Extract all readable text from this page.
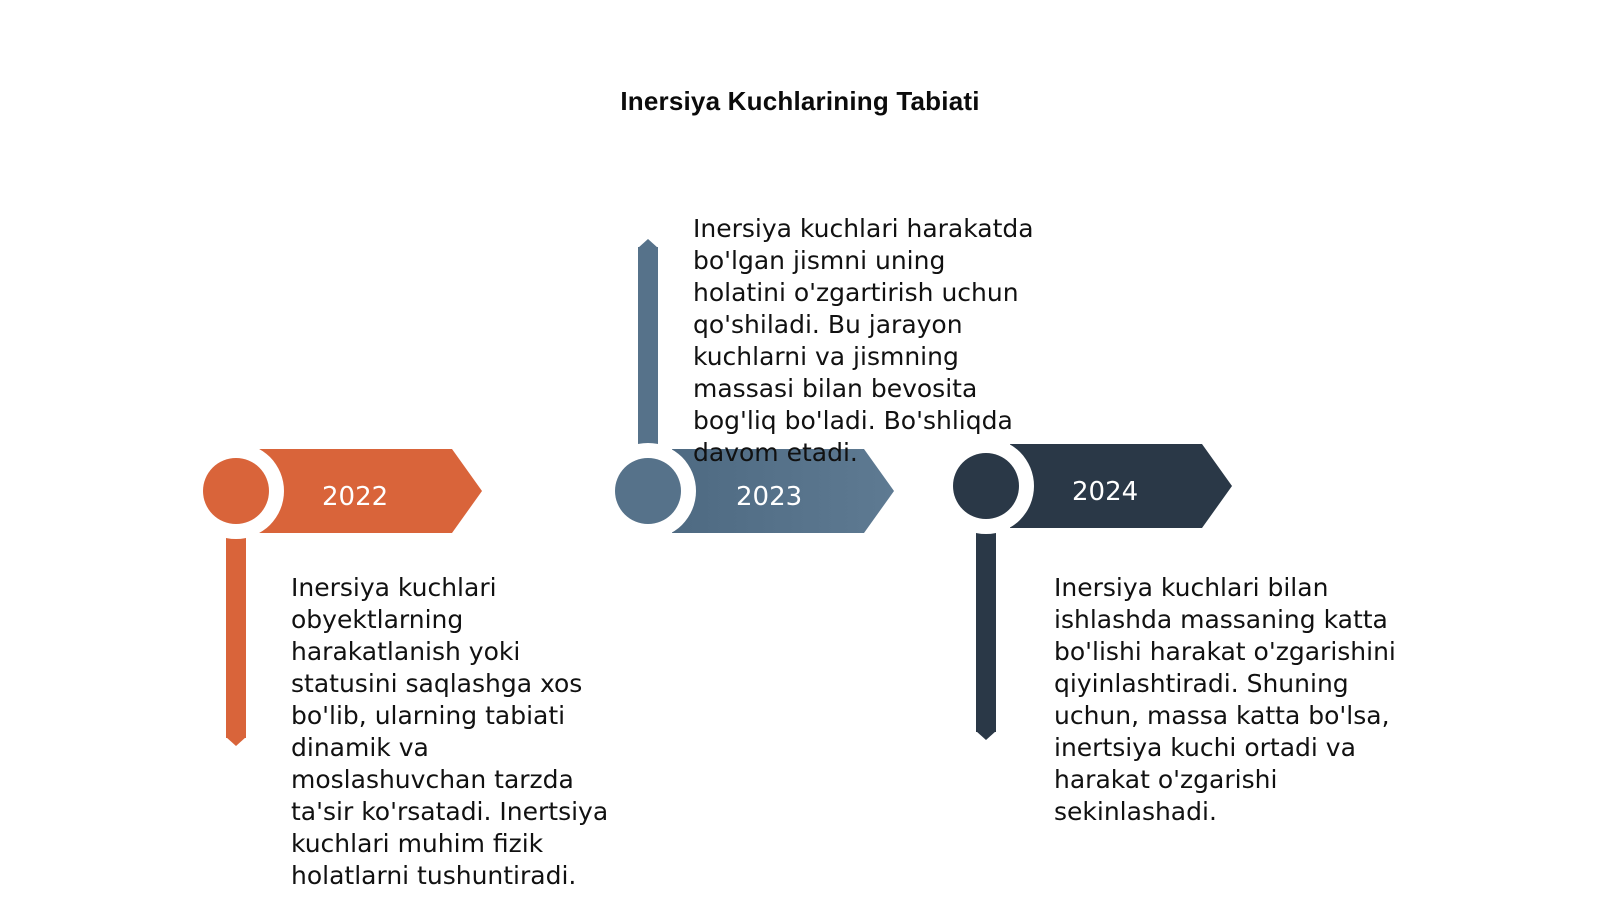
Inersiya Kuchlarining Tabiati
2022	2023	2024

Inersiya kuchlari obyektlarning harakatlanish yoki statusini saqlashga xos bo'lib, ularning tabiati dinamik va moslashuvchan tarzda ta'sir ko'rsatadi. Inertsiya kuchlari muhim fizik holatlarni tushuntiradi.

Inersiya kuchlari harakatda bo'lgan jismni uning holatini o'zgartirish uchun qo'shiladi. Bu jarayon kuchlarni va jismning massasi bilan bevosita bog'liq bo'ladi. Bo'shliqda davom etadi.

Inersiya kuchlari bilan ishlashda massaning katta bo'lishi harakat o'zgarishini qiyinlashtiradi. Shuning uchun, massa katta bo'lsa, inertsiya kuchi ortadi va harakat o'zgarishi sekinlashadi.
